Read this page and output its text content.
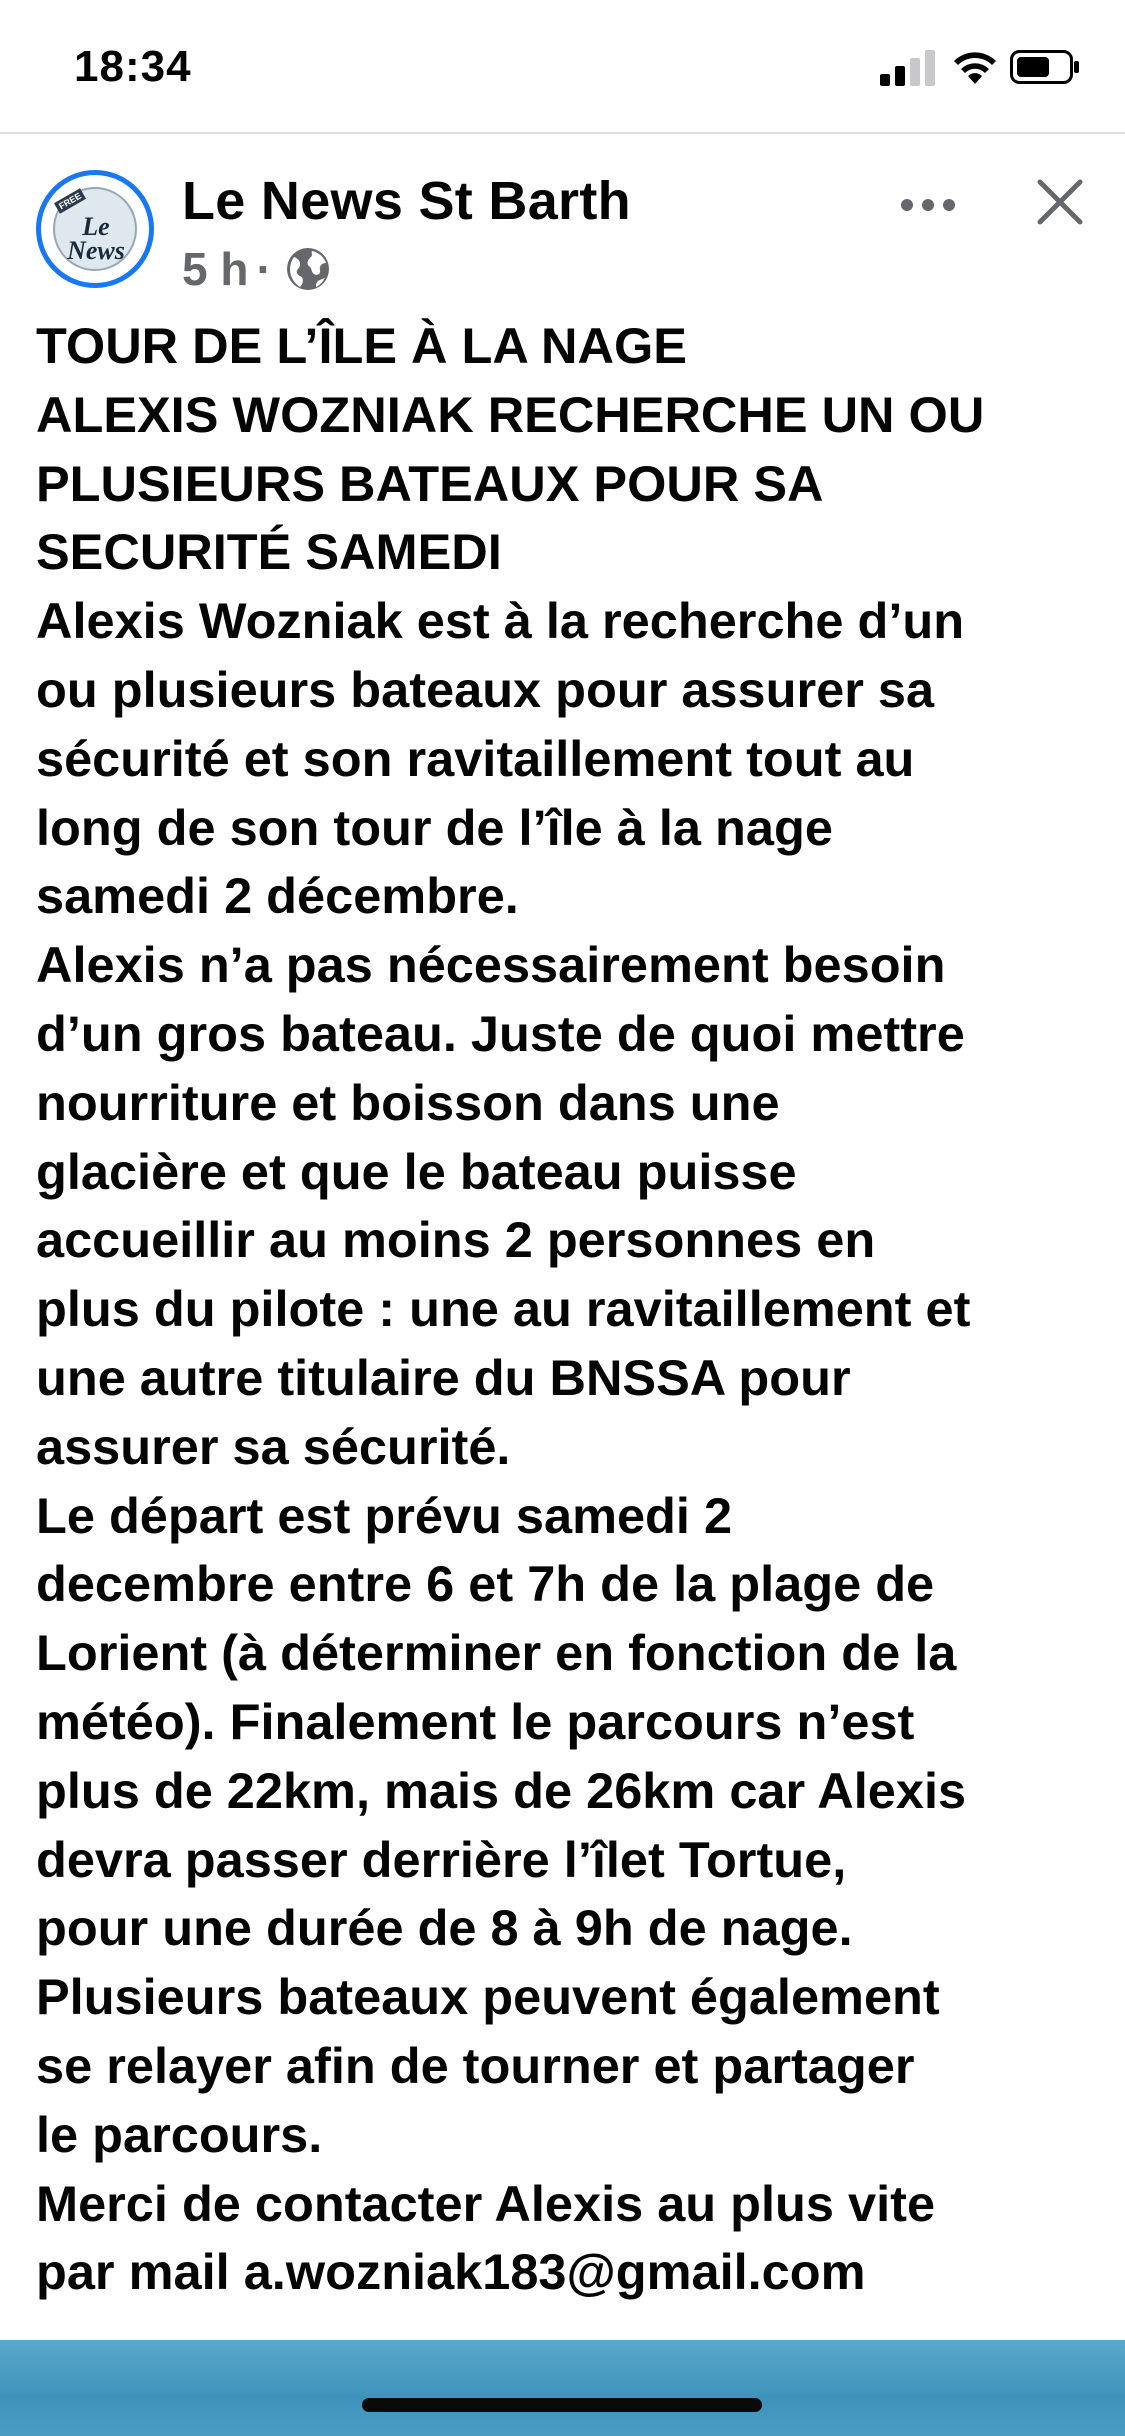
18:34
FREE
Le News
Le News St Barth
5 h ·
TOUR DE L’ÎLE À LA NAGE
ALEXIS WOZNIAK RECHERCHE UN OU
PLUSIEURS BATEAUX POUR SA
SECURITÉ SAMEDI
Alexis Wozniak est à la recherche d’un
ou plusieurs bateaux pour assurer sa
sécurité et son ravitaillement tout au
long de son tour de l’île à la nage
samedi 2 décembre.
Alexis n’a pas nécessairement besoin
d’un gros bateau. Juste de quoi mettre
nourriture et boisson dans une
glacière et que le bateau puisse
accueillir au moins 2 personnes en
plus du pilote : une au ravitaillement et
une autre titulaire du BNSSA pour
assurer sa sécurité.
Le départ est prévu samedi 2
decembre entre 6 et 7h de la plage de
Lorient (à déterminer en fonction de la
météo). Finalement le parcours n’est
plus de 22km, mais de 26km car Alexis
devra passer derrière l’îlet Tortue,
pour une durée de 8 à 9h de nage.
Plusieurs bateaux peuvent également
se relayer afin de tourner et partager
le parcours.
Merci de contacter Alexis au plus vite
par mail a.wozniak183@gmail.com
